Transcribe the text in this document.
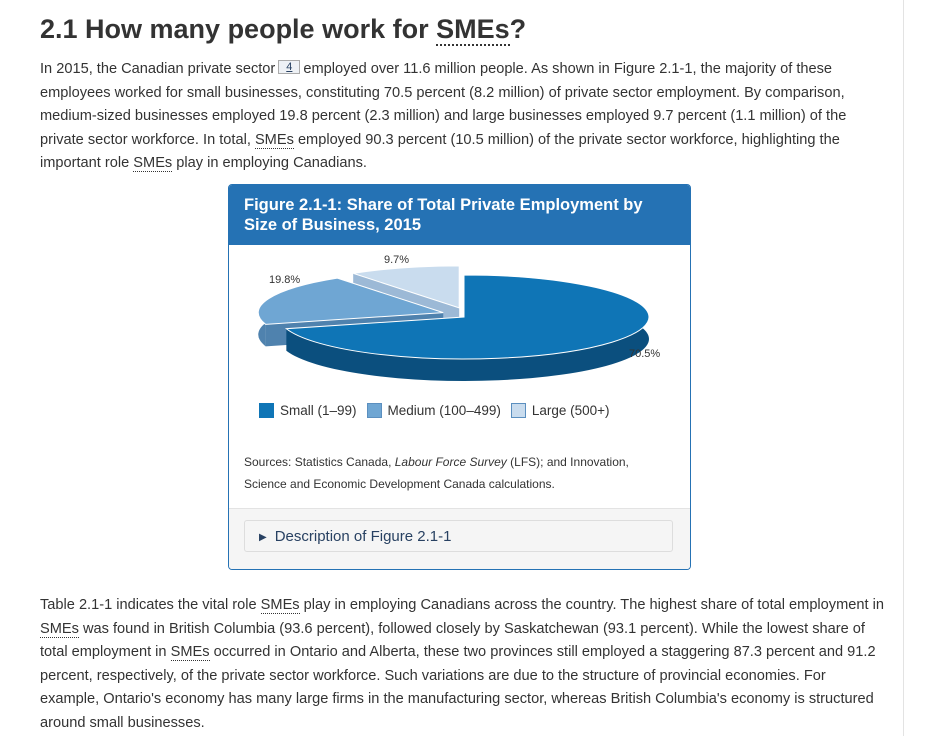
2.1 How many people work for SMEs?

In 2015, the Canadian private sector 4 employed over 11.6 million people. As shown in Figure 2.1-1, the majority of these employees worked for small businesses, constituting 70.5 percent (8.2 million) of private sector employment. By comparison, medium-sized businesses employed 19.8 percent (2.3 million) and large businesses employed 9.7 percent (1.1 million) of the private sector workforce. In total, SMEs employed 90.3 percent (10.5 million) of the private sector workforce, highlighting the important role SMEs play in employing Canadians.

Figure 2.1-1: Share of Total Private Employment by Size of Business, 2015
70.5%
19.8%
9.7%
Small (1–99) Medium (100–499) Large (500+)
Sources: Statistics Canada, Labour Force Survey (LFS); and Innovation, Science and Economic Development Canada calculations.
▶ Description of Figure 2.1-1

Table 2.1-1 indicates the vital role SMEs play in employing Canadians across the country. The highest share of total employment in SMEs was found in British Columbia (93.6 percent), followed closely by Saskatchewan (93.1 percent). While the lowest share of total employment in SMEs occurred in Ontario and Alberta, these two provinces still employed a staggering 87.3 percent and 91.2 percent, respectively, of the private sector workforce. Such variations are due to the structure of provincial economies. For example, Ontario's economy has many large firms in the manufacturing sector, whereas British Columbia's economy is structured around small businesses.
